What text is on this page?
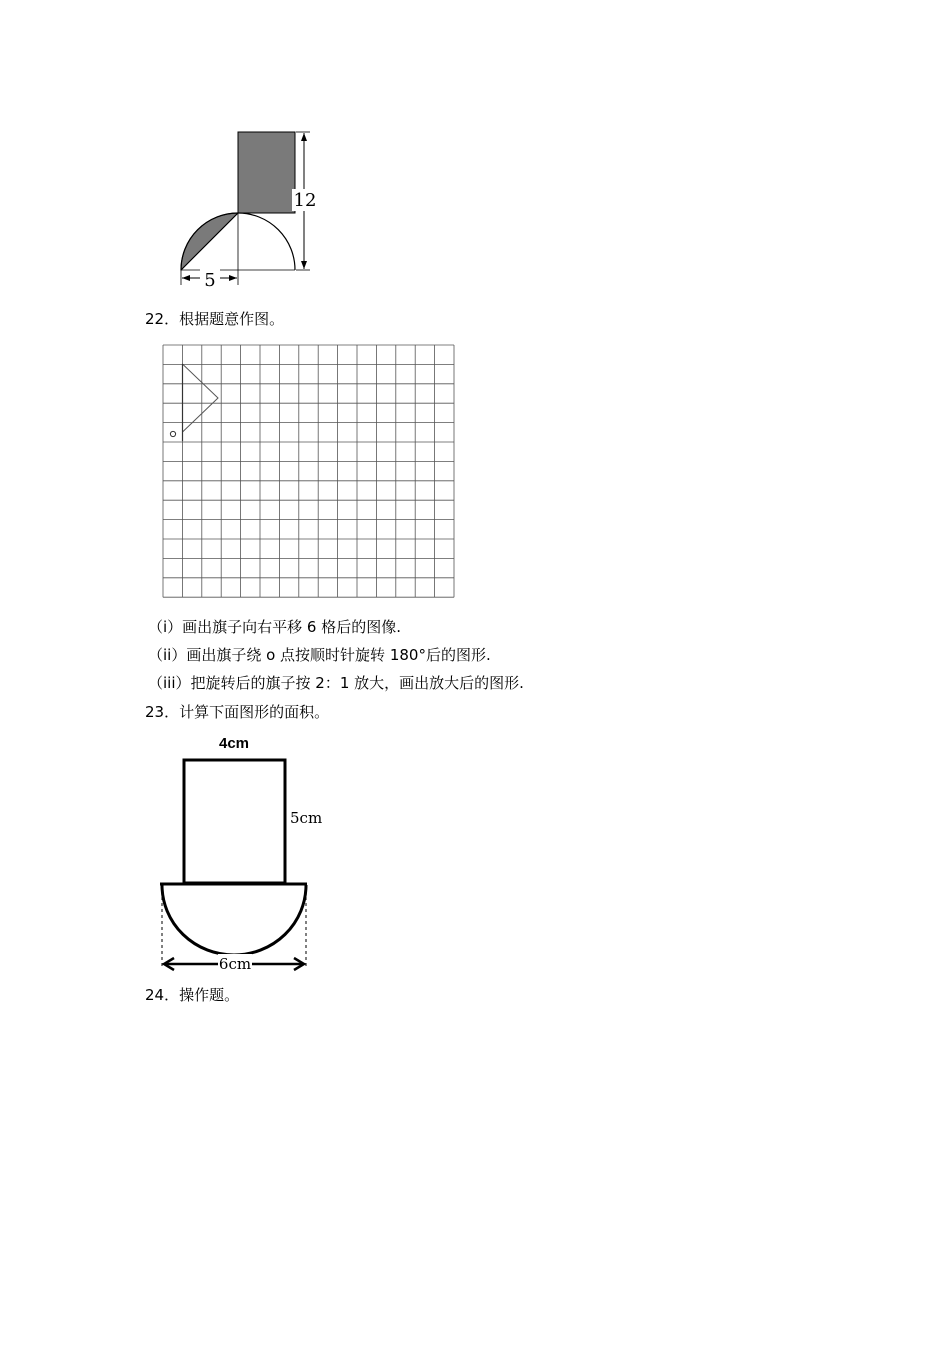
12
5
22．根据题意作图。
（i）画出旗子向右平移 6 格后的图像.
（ii）画出旗子绕 o 点按顺时针旋转 180°后的图形.
（iii）把旋转后的旗子按 2：1 放大，画出放大后的图形.
23．计算下面图形的面积。
4cm
5cm
6cm
24．操作题。
